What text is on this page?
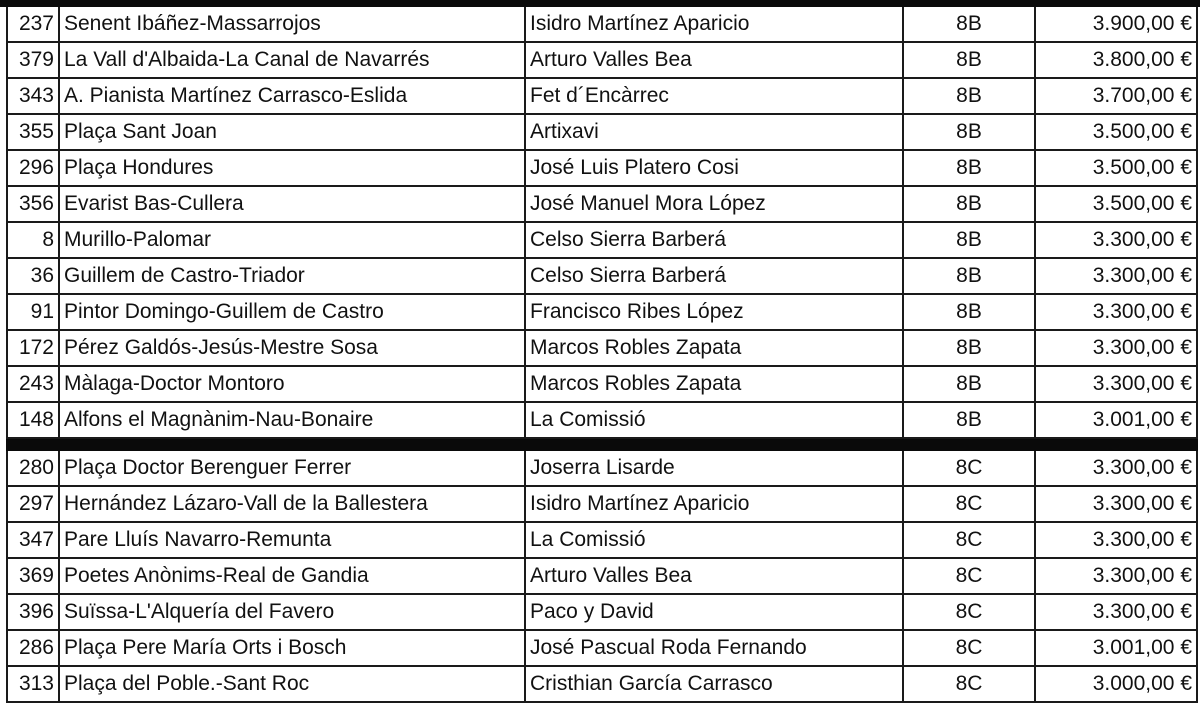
237	Senent Ibáñez-Massarrojos	Isidro Martínez Aparicio	8B	3.900,00 €
379	La Vall d'Albaida-La Canal de Navarrés	Arturo Valles Bea	8B	3.800,00 €
343	A. Pianista Martínez Carrasco-Eslida	Fet d´Encàrrec	8B	3.700,00 €
355	Plaça Sant Joan	Artixavi	8B	3.500,00 €
296	Plaça Hondures	José Luis Platero Cosi	8B	3.500,00 €
356	Evarist Bas-Cullera	José Manuel Mora López	8B	3.500,00 €
8	Murillo-Palomar	Celso Sierra Barberá	8B	3.300,00 €
36	Guillem de Castro-Triador	Celso Sierra Barberá	8B	3.300,00 €
91	Pintor Domingo-Guillem de Castro	Francisco Ribes López	8B	3.300,00 €
172	Pérez Galdós-Jesús-Mestre Sosa	Marcos Robles Zapata	8B	3.300,00 €
243	Màlaga-Doctor Montoro	Marcos Robles Zapata	8B	3.300,00 €
148	Alfons el Magnànim-Nau-Bonaire	La Comissió	8B	3.001,00 €

280	Plaça Doctor Berenguer Ferrer	Joserra Lisarde	8C	3.300,00 €
297	Hernández Lázaro-Vall de la Ballestera	Isidro Martínez Aparicio	8C	3.300,00 €
347	Pare Lluís Navarro-Remunta	La Comissió	8C	3.300,00 €
369	Poetes Anònims-Real de Gandia	Arturo Valles Bea	8C	3.300,00 €
396	Suïssa-L'Alquería del Favero	Paco y David	8C	3.300,00 €
286	Plaça Pere María Orts i Bosch	José Pascual Roda Fernando	8C	3.001,00 €
313	Plaça del Poble.-Sant Roc	Cristhian García Carrasco	8C	3.000,00 €
